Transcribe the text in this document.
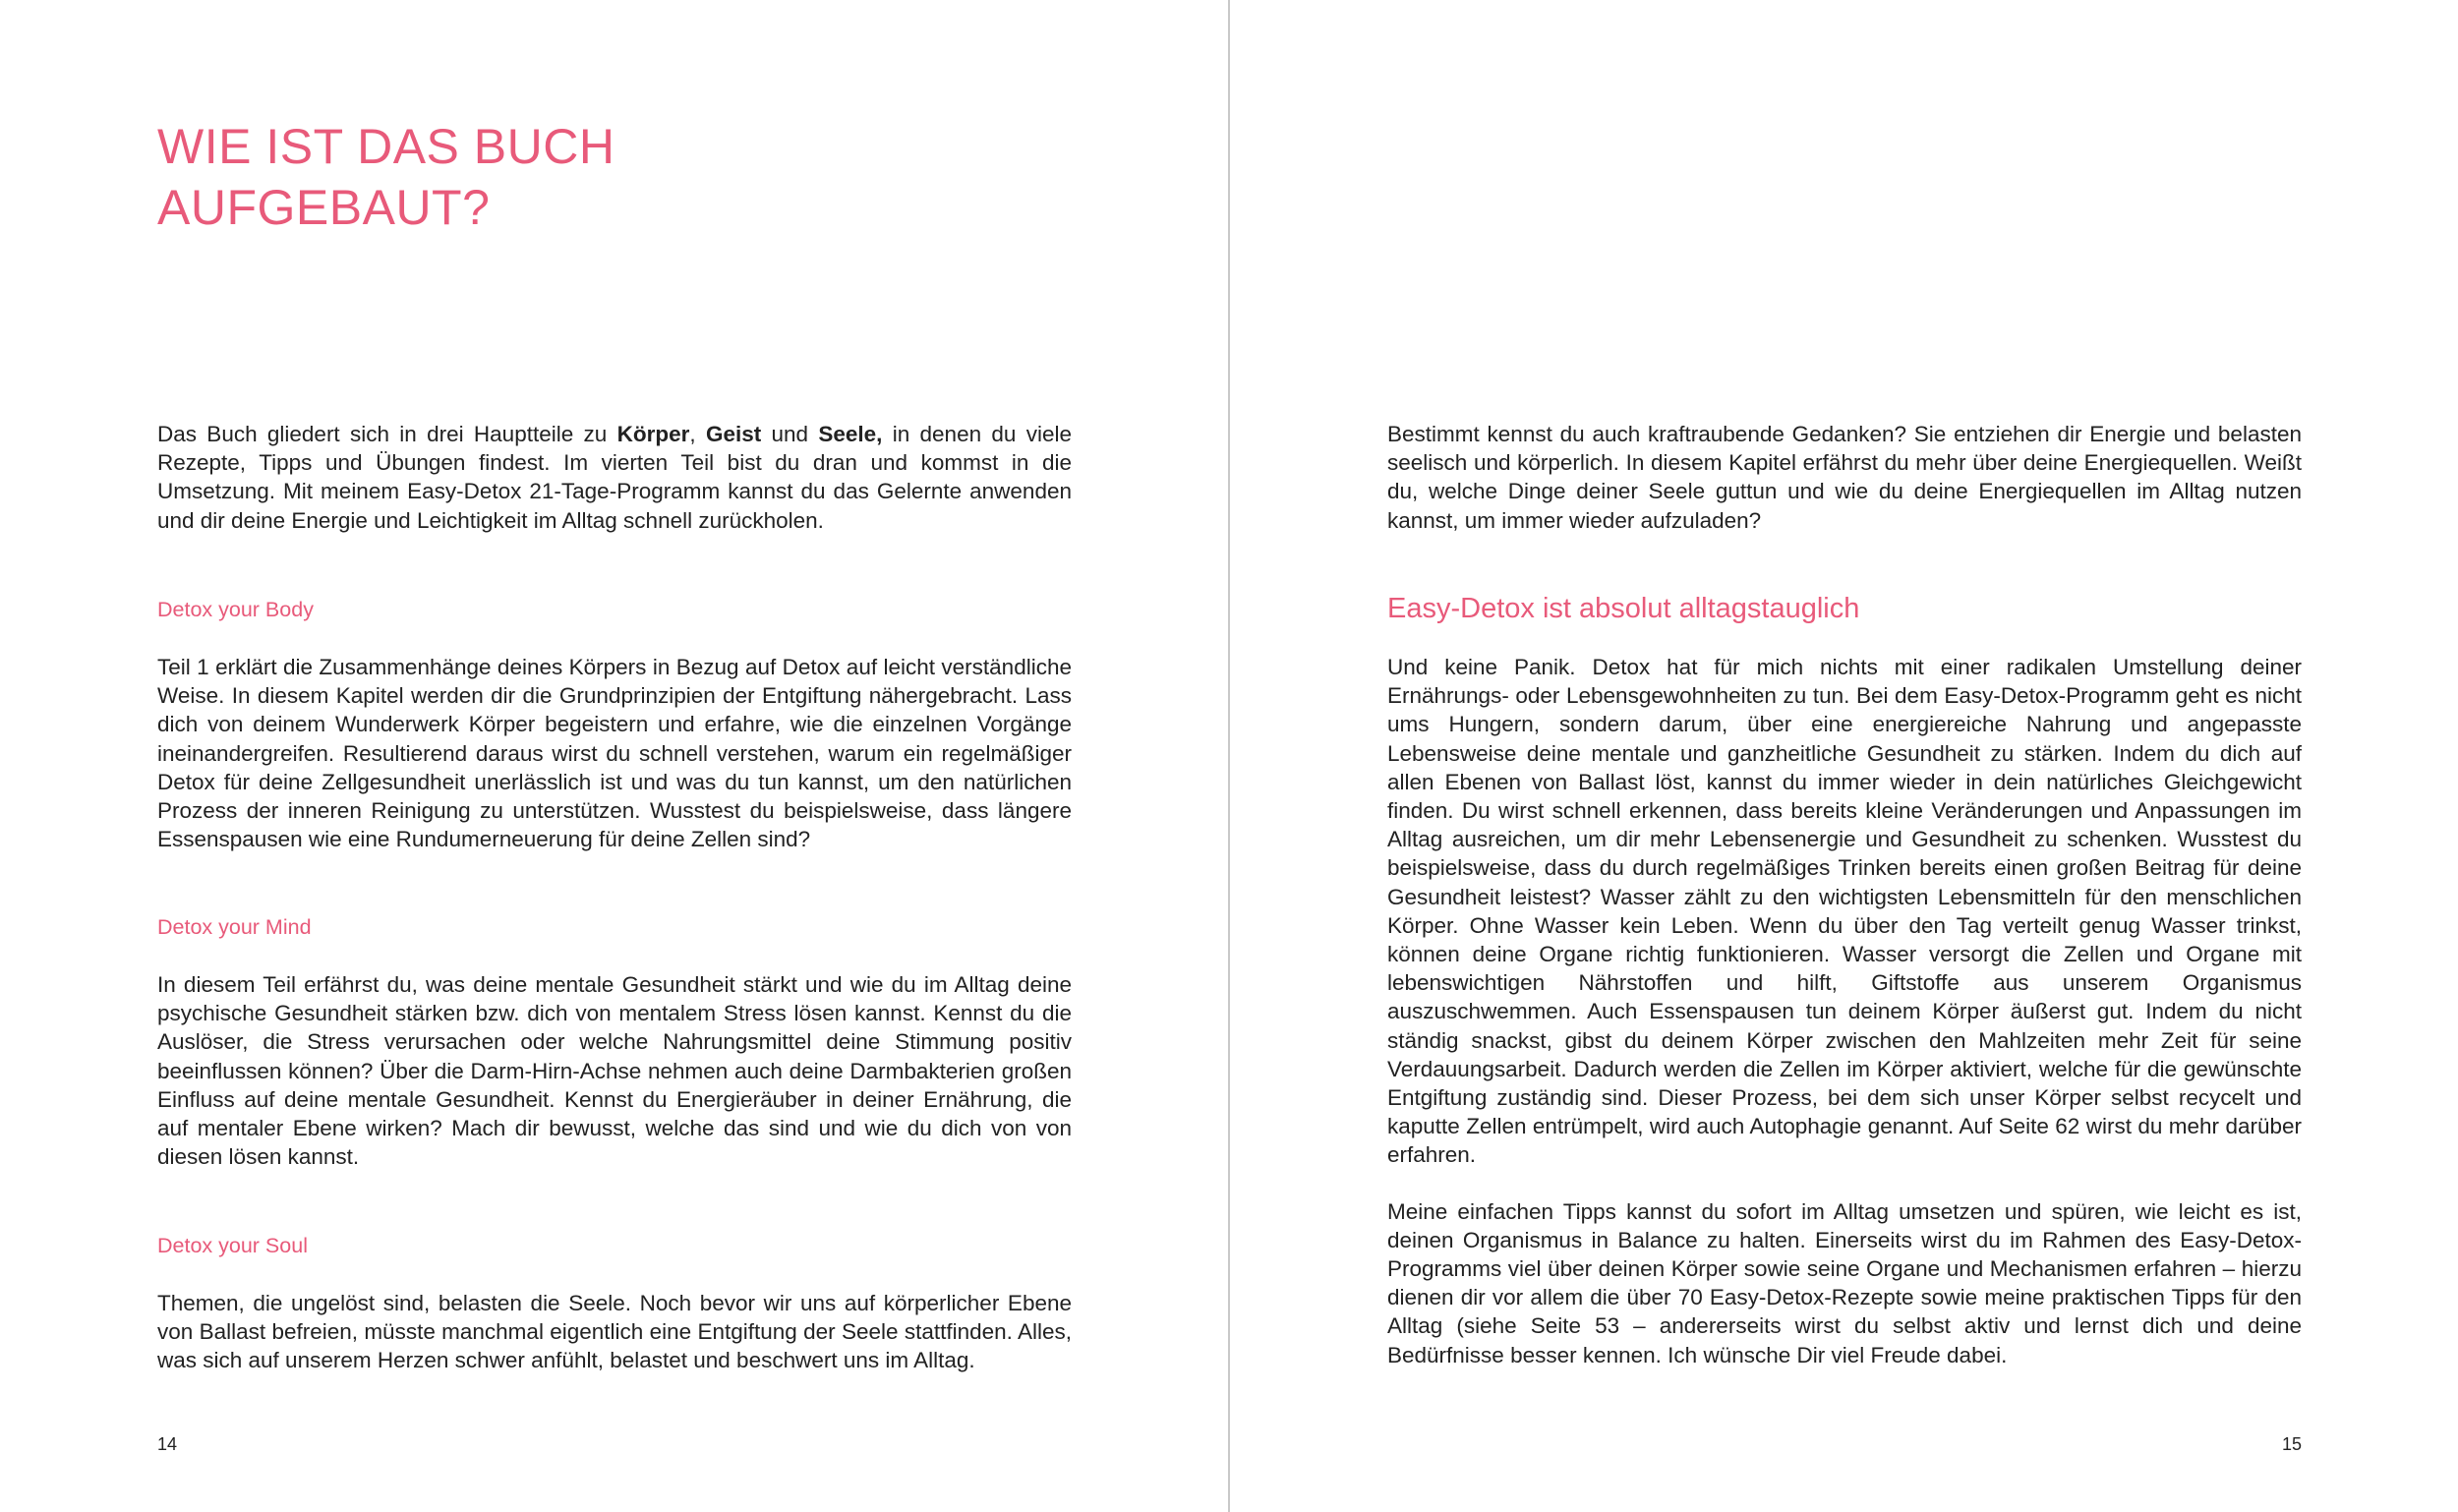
WIE IST DAS BUCH
AUFGEBAUT?

Das Buch gliedert sich in drei Hauptteile zu Körper, Geist und Seele, in denen du viele Rezepte, Tipps und Übungen findest. Im vierten Teil bist du dran und kommst in die Umsetzung. Mit meinem Easy-Detox 21-Tage-Programm kannst du das Gelernte anwenden und dir deine Energie und Leichtigkeit im Alltag schnell zurückholen.

Detox your Body

Teil 1 erklärt die Zusammenhänge deines Körpers in Bezug auf Detox auf leicht verständliche Weise. In diesem Kapitel werden dir die Grundprinzipien der Entgiftung nähergebracht. Lass dich von deinem Wunderwerk Körper begeistern und erfahre, wie die einzelnen Vorgänge ineinandergreifen. Resultierend daraus wirst du schnell verstehen, warum ein regelmäßiger Detox für deine Zellgesundheit unerlässlich ist und was du tun kannst, um den natürlichen Prozess der inneren Reinigung zu unterstützen. Wusstest du beispielsweise, dass längere Essenspausen wie eine Rundumerneuerung für deine Zellen sind?

Detox your Mind

In diesem Teil erfährst du, was deine mentale Gesundheit stärkt und wie du im Alltag deine psychische Gesundheit stärken bzw. dich von mentalem Stress lösen kannst. Kennst du die Auslöser, die Stress verursachen oder welche Nahrungsmittel deine Stimmung positiv beeinflussen können? Über die Darm-Hirn-Achse nehmen auch deine Darmbakterien großen Einfluss auf deine mentale Gesundheit. Kennst du Energieräuber in deiner Ernährung, die auf mentaler Ebene wirken? Mach dir bewusst, welche das sind und wie du dich von von diesen lösen kannst.

Detox your Soul

Themen, die ungelöst sind, belasten die Seele. Noch bevor wir uns auf körperlicher Ebene von Ballast befreien, müsste manchmal eigentlich eine Entgiftung der Seele stattfinden. Alles, was sich auf unserem Herzen schwer anfühlt, belastet und beschwert uns im Alltag.

14

Bestimmt kennst du auch kraftraubende Gedanken? Sie entziehen dir Energie und belasten seelisch und körperlich. In diesem Kapitel erfährst du mehr über deine Energiequellen. Weißt du, welche Dinge deiner Seele guttun und wie du deine Energiequellen im Alltag nutzen kannst, um immer wieder aufzuladen?

Easy-Detox ist absolut alltagstauglich

Und keine Panik. Detox hat für mich nichts mit einer radikalen Umstellung deiner Ernährungs- oder Lebensgewohnheiten zu tun. Bei dem Easy-Detox-Programm geht es nicht ums Hungern, sondern darum, über eine energiereiche Nahrung und angepasste Lebensweise deine mentale und ganzheitliche Gesundheit zu stärken. Indem du dich auf allen Ebenen von Ballast löst, kannst du immer wieder in dein natürliches Gleichgewicht finden. Du wirst schnell erkennen, dass bereits kleine Veränderungen und Anpassungen im Alltag ausreichen, um dir mehr Lebensenergie und Gesundheit zu schenken. Wusstest du beispielsweise, dass du durch regelmäßiges Trinken bereits einen großen Beitrag für deine Gesundheit leistest? Wasser zählt zu den wichtigsten Lebensmitteln für den menschlichen Körper. Ohne Wasser kein Leben. Wenn du über den Tag verteilt genug Wasser trinkst, können deine Organe richtig funktionieren. Wasser versorgt die Zellen und Organe mit lebenswichtigen Nährstoffen und hilft, Giftstoffe aus unserem Organismus auszuschwemmen. Auch Essenspausen tun deinem Körper äußerst gut. Indem du nicht ständig snackst, gibst du deinem Körper zwischen den Mahlzeiten mehr Zeit für seine Verdauungsarbeit. Dadurch werden die Zellen im Körper aktiviert, welche für die gewünschte Entgiftung zuständig sind. Dieser Prozess, bei dem sich unser Körper selbst recycelt und kaputte Zellen entrümpelt, wird auch Autophagie genannt. Auf Seite 62 wirst du mehr darüber erfahren.

Meine einfachen Tipps kannst du sofort im Alltag umsetzen und spüren, wie leicht es ist, deinen Organismus in Balance zu halten. Einerseits wirst du im Rahmen des Easy-Detox-Programms viel über deinen Körper sowie seine Organe und Mechanismen erfahren – hierzu dienen dir vor allem die über 70 Easy-Detox-Rezepte sowie meine praktischen Tipps für den Alltag (siehe Seite 53 – andererseits wirst du selbst aktiv und lernst dich und deine Bedürfnisse besser kennen. Ich wünsche Dir viel Freude dabei.

15
